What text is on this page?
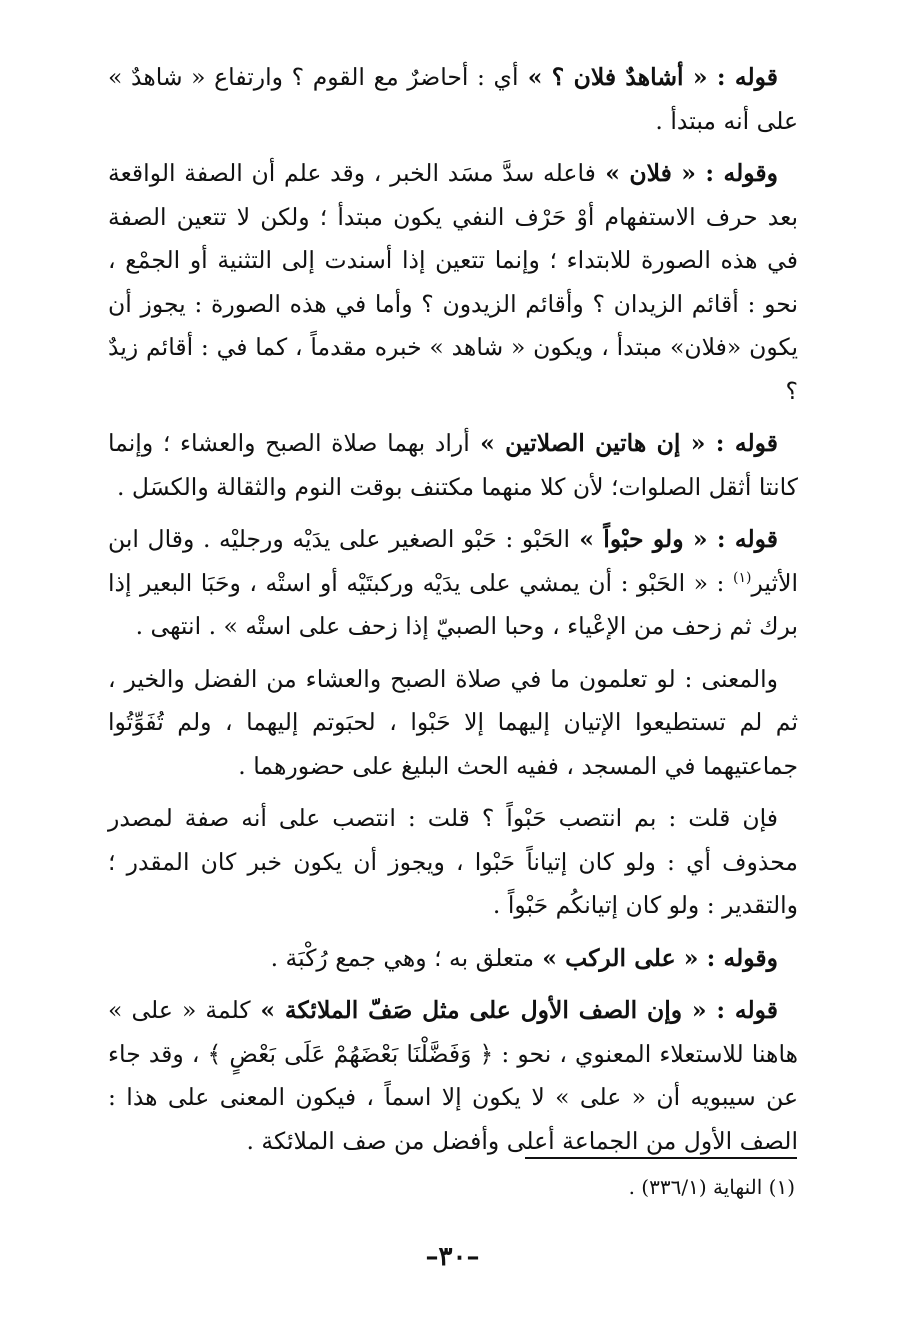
قوله : « أشاهدٌ فلان ؟ » أي : أحاضرٌ مع القوم ؟ وارتفاع « شاهدٌ » على أنه مبتدأ .

وقوله : « فلان » فاعله سدَّ مسَد الخبر ، وقد علم أن الصفة الواقعة بعد حرف الاستفهام أوْ حَرْف النفي يكون مبتدأ ؛ ولكن لا تتعين الصفة في هذه الصورة للابتداء ؛ وإنما تتعين إذا أسندت إلى التثنية أو الجمْع ، نحو : أقائم الزيدان ؟ وأقائم الزيدون ؟ وأما في هذه الصورة : يجوز أن يكون «فلان» مبتدأ ، ويكون « شاهد » خبره مقدماً ، كما في : أقائم زيدٌ ؟

قوله : « إن هاتين الصلاتين » أراد بهما صلاة الصبح والعشاء ؛ وإنما كانتا أثقل الصلوات؛ لأن كلا منهما مكتنف بوقت النوم والثقالة والكسَل .

قوله : « ولو حبْواً » الحَبْو : حَبْو الصغير على يدَيْه ورجليْه . وقال ابن الأثير$^{(١)}$ : « الحَبْو : أن يمشي على يدَيْه وركبتَيْه أو استْه ، وحَبَا البعير إذا برك ثم زحف من الإعْياء ، وحبا الصبيّ إذا زحف على استْه » . انتهى .

والمعنى : لو تعلمون ما في صلاة الصبح والعشاء من الفضل والخير ، ثم لم تستطيعوا الإتيان إليهما إلا حَبْوا ، لحبَوتم إليهما ، ولم تُفَوِّتُوا جماعتيهما في المسجد ، ففيه الحث البليغ على حضورهما .

فإن قلت : بم انتصب حَبْواً ؟ قلت : انتصب على أنه صفة لمصدر محذوف أي : ولو كان إتياناً حَبْوا ، ويجوز أن يكون خبر كان المقدر ؛ والتقدير : ولو كان إتيانكُم حَبْواً .

وقوله : « على الركب » متعلق به ؛ وهي جمع رُكْبَة .

قوله : « وإن الصف الأول على مثل صَفّ الملائكة » كلمة « على » هاهنا للاستعلاء المعنوي ، نحو : ﴿ وَفَضَّلْنَا بَعْضَهُمْ عَلَى بَعْضٍ ﴾ ، وقد جاء عن سيبويه أن « على » لا يكون إلا اسماً ، فيكون المعنى على هذا : الصف الأول من الجماعة أعلى وأفضل من صف الملائكة .

(١) النهاية (٣٣٦/١) .
–٣٠–
